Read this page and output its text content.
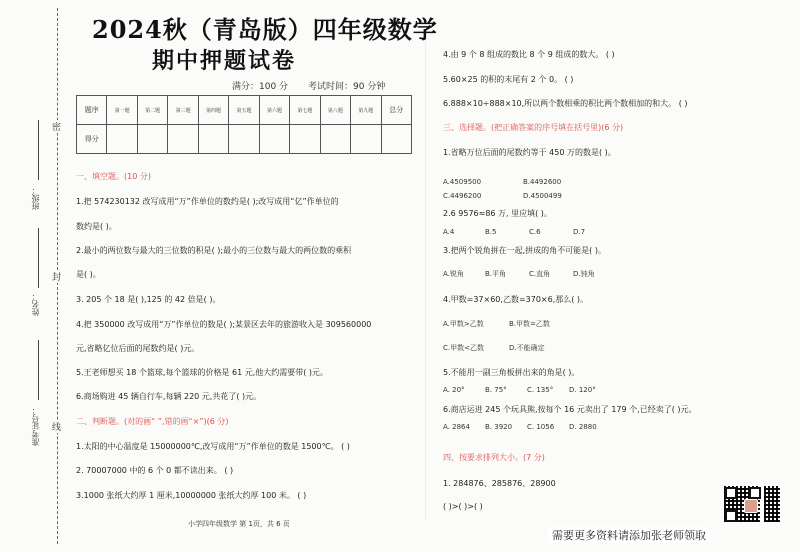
密
封
线
班级：
姓名：
准考证号：
2024秋（青岛版）四年级数学
期中押题试卷
满分：100 分 考试时间：90 分钟
题序	第一题	第二题	第三题	第四题	第五题	第六题	第七题	第八题	第九题	总分
得分										
一、填空题。(10 分)
1.把 574230132 改写成用“万”作单位的数约是( );改写成用“亿”作单位的
数约是( )。
2.最小的两位数与最大的三位数的积是( );最小的三位数与最大的两位数的乘积
是( )。
3. 205 个 18 是( ),125 的 42 倍是( )。
4.把 350000 改写成用“万”作单位的数是( );某景区去年的旅游收入是 309560000
元,省略亿位后面的尾数约是( )元。
5.王老师想买 18 个篮球,每个篮球的价格是 61 元,他大约需要带( )元。
6.商场购进 45 辆自行车,每辆 220 元,共花了( )元。
二、判断题。(对的画“ ”,错的画“×”)(6 分)
1.太阳的中心温度是 15000000℃,改写成用“万”作单位的数是 1500℃。 ( )
2. 70007000 中的 6 个 0 都不读出来。 ( )
3.1000 张纸大约厚 1 厘米,10000000 张纸大约厚 100 米。 ( )
小学四年级数学 第 1页，共 6 页
4.由 9 个 8 组成的数比 8 个 9 组成的数大。 ( )
5.60×25 的积的末尾有 2 个 0。 ( )
6.888×10÷888×10,所以两个数相乘的积比两个数相加的和大。 ( )
三、选择题。(把正确答案的序号填在括号里)(6 分)
1.省略万位后面的尾数约等于 450 万的数是( )。
A.4509500	B.4492600
C.4496200	D.4500499
2.6 9576≈86 万, 里应填( )。
A.4	B.5	C.6	D.7
3.把两个锐角拼在一起,拼成的角不可能是( )。
A.锐角	B.平角	C.直角	D.钝角
4.甲数=37×60,乙数=370×6,那么( )。
A.甲数>乙数	B.甲数=乙数
C.甲数<乙数	D.不能确定
5.不能用一副三角板拼出来的角是( )。
A. 20°	B. 75°	C. 135° D. 120°
6.商店运进 245 个玩具熊,按每个 16 元卖出了 179 个,已经卖了( )元。
A. 2864 B. 3920 C. 1056 D. 2880
四、按要求排列大小。(7 分)
1. 284876、285876、28900
( )>( )>( )
需要更多资料请添加张老师领取
